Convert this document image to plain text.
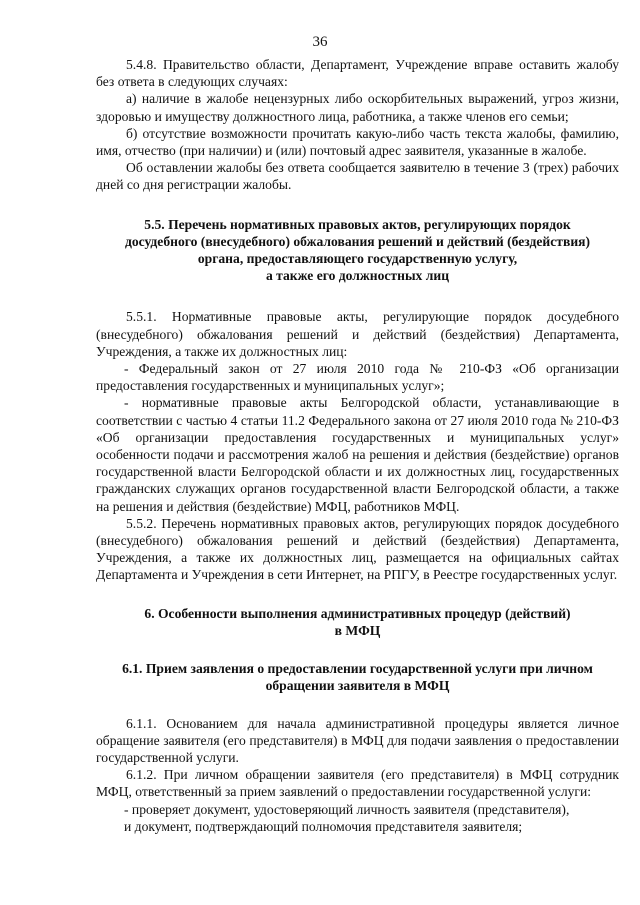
36

5.4.8. Правительство области, Департамент, Учреждение вправе оставить жалобу без ответа в следующих случаях:

а) наличие в жалобе нецензурных либо оскорбительных выражений, угроз жизни, здоровью и имуществу должностного лица, работника, а также членов его семьи;

б) отсутствие возможности прочитать какую-либо часть текста жалобы, фамилию, имя, отчество (при наличии) и (или) почтовый адрес заявителя, указанные в жалобе.

Об оставлении жалобы без ответа сообщается заявителю в течение 3 (трех) рабочих дней со дня регистрации жалобы.

5.5. Перечень нормативных правовых актов, регулирующих порядок
досудебного (внесудебного) обжалования решений и действий (бездействия)
органа, предоставляющего государственную услугу,
а также его должностных лиц

5.5.1. Нормативные правовые акты, регулирующие порядок досудебного (внесудебного) обжалования решений и действий (бездействия) Департамента, Учреждения, а также их должностных лиц:

- Федеральный закон от 27 июля 2010 года № 210-ФЗ «Об организации предоставления государственных и муниципальных услуг»;

- нормативные правовые акты Белгородской области, устанавливающие в соответствии с частью 4 статьи 11.2 Федерального закона от 27 июля 2010 года № 210-ФЗ «Об организации предоставления государственных и муниципальных услуг» особенности подачи и рассмотрения жалоб на решения и действия (бездействие) органов государственной власти Белгородской области и их должностных лиц, государственных гражданских служащих органов государственной власти Белгородской области, а также на решения и действия (бездействие) МФЦ, работников МФЦ.

5.5.2. Перечень нормативных правовых актов, регулирующих порядок досудебного (внесудебного) обжалования решений и действий (бездействия) Департамента, Учреждения, а также их должностных лиц, размещается на официальных сайтах Департамента и Учреждения в сети Интернет, на РПГУ, в Реестре государственных услуг.

6. Особенности выполнения административных процедур (действий)
в МФЦ
6.1. Прием заявления о предоставлении государственной услуги при личном
обращении заявителя в МФЦ

6.1.1. Основанием для начала административной процедуры является личное обращение заявителя (его представителя) в МФЦ для подачи заявления о предоставлении государственной услуги.

6.1.2. При личном обращении заявителя (его представителя) в МФЦ сотрудник МФЦ, ответственный за прием заявлений о предоставлении государственной услуги:

- проверяет документ, удостоверяющий личность заявителя (представителя),

и документ, подтверждающий полномочия представителя заявителя;
